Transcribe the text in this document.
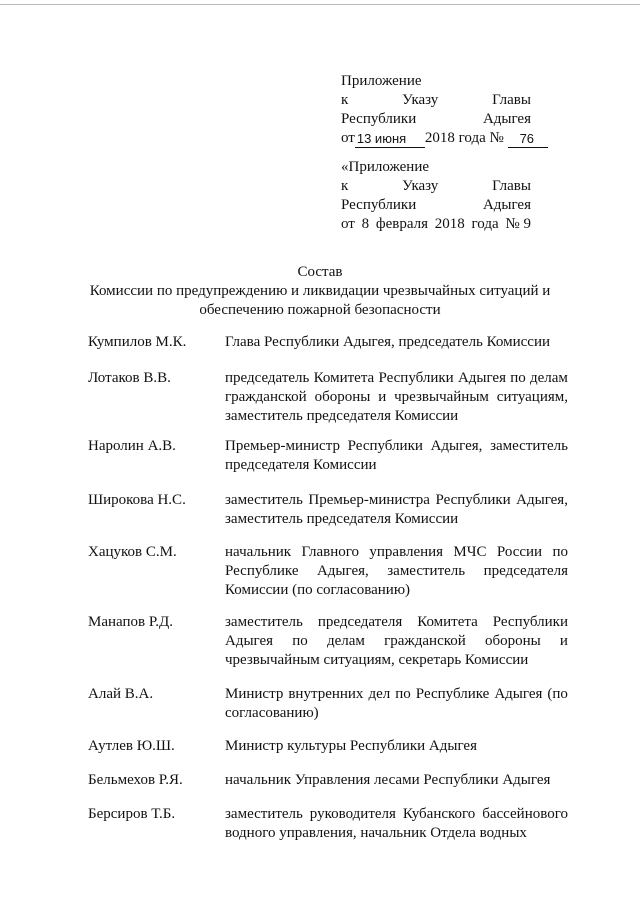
Приложение
к	Указу	Главы
Республики	Адыгея
от 13 июня 2018 года № 76
«Приложение
к	Указу	Главы
Республики	Адыгея
от 8 февраля 2018 года № 9
Состав
Комиссии по предупреждению и ликвидации чрезвычайных ситуаций и
обеспечению пожарной безопасности
Кумпилов М.К.	Глава Республики Адыгея, председатель Комиссии
Лотаков В.В.	председатель Комитета Республики Адыгея по делам
гражданской обороны и чрезвычайным ситуациям,
заместитель председателя Комиссии
Наролин А.В.	Премьер-министр Республики Адыгея, заместитель
председателя Комиссии
Широкова Н.С.	заместитель Премьер-министра Республики Адыгея,
заместитель председателя Комиссии
Хацуков С.М.	начальник Главного управления МЧС России по
Республике Адыгея, заместитель председателя
Комиссии (по согласованию)
Манапов Р.Д.	заместитель председателя Комитета Республики
Адыгея по делам гражданской обороны и
чрезвычайным ситуациям, секретарь Комиссии
Алай В.А.	Министр внутренних дел по Республике Адыгея (по
согласованию)
Аутлев Ю.Ш.	Министр культуры Республики Адыгея
Бельмехов Р.Я.	начальник Управления лесами Республики Адыгея
Берсиров Т.Б.	заместитель руководителя Кубанского бассейнового
водного управления, начальник Отдела водных
